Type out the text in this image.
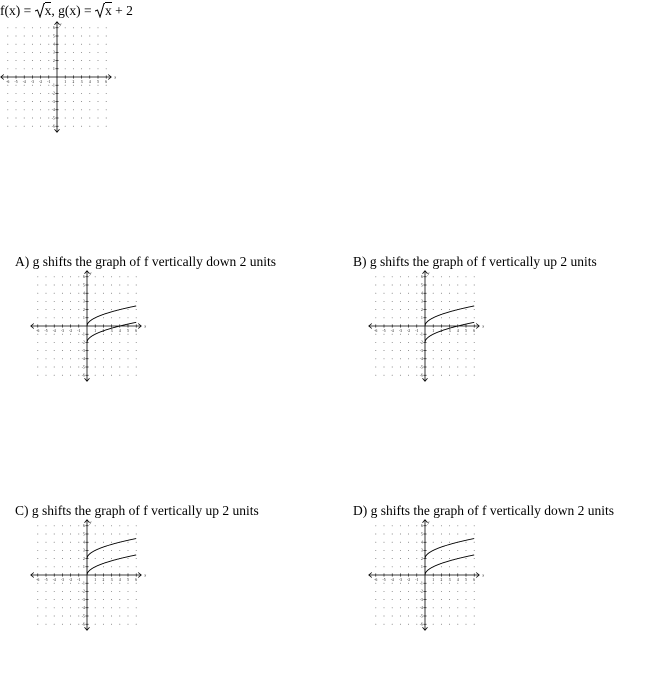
f(x) = x, g(x) = x + 2
-6 -5 -4 -3 -2 -1	1 2 3 4 5 6
6
5
4
3
2
1
-1
-2
-3
-4
-5
-6
x
y
A) g shifts the graph of f vertically down 2 units
-6 -5 -4 -3 -2 -1	1 2 3 4 5 6
6
5
4
3
2
1
-1
-2
-3
-4
-5
-6
x
y
B) g shifts the graph of f vertically up 2 units
-6 -5 -4 -3 -2 -1	1 2 3 4 5 6
6
5
4
3
2
1
-1
-2
-3
-4
-5
-6
x
y
C) g shifts the graph of f vertically up 2 units
-6 -5 -4 -3 -2 -1	1 2 3 4 5 6
6
5
4
3
2
1
-1
-2
-3
-4
-5
-6
x
y
D) g shifts the graph of f vertically down 2 units
-6 -5 -4 -3 -2 -1	1 2 3 4 5 6
6
5
4
3
2
1
-1
-2
-3
-4
-5
-6
x
y
